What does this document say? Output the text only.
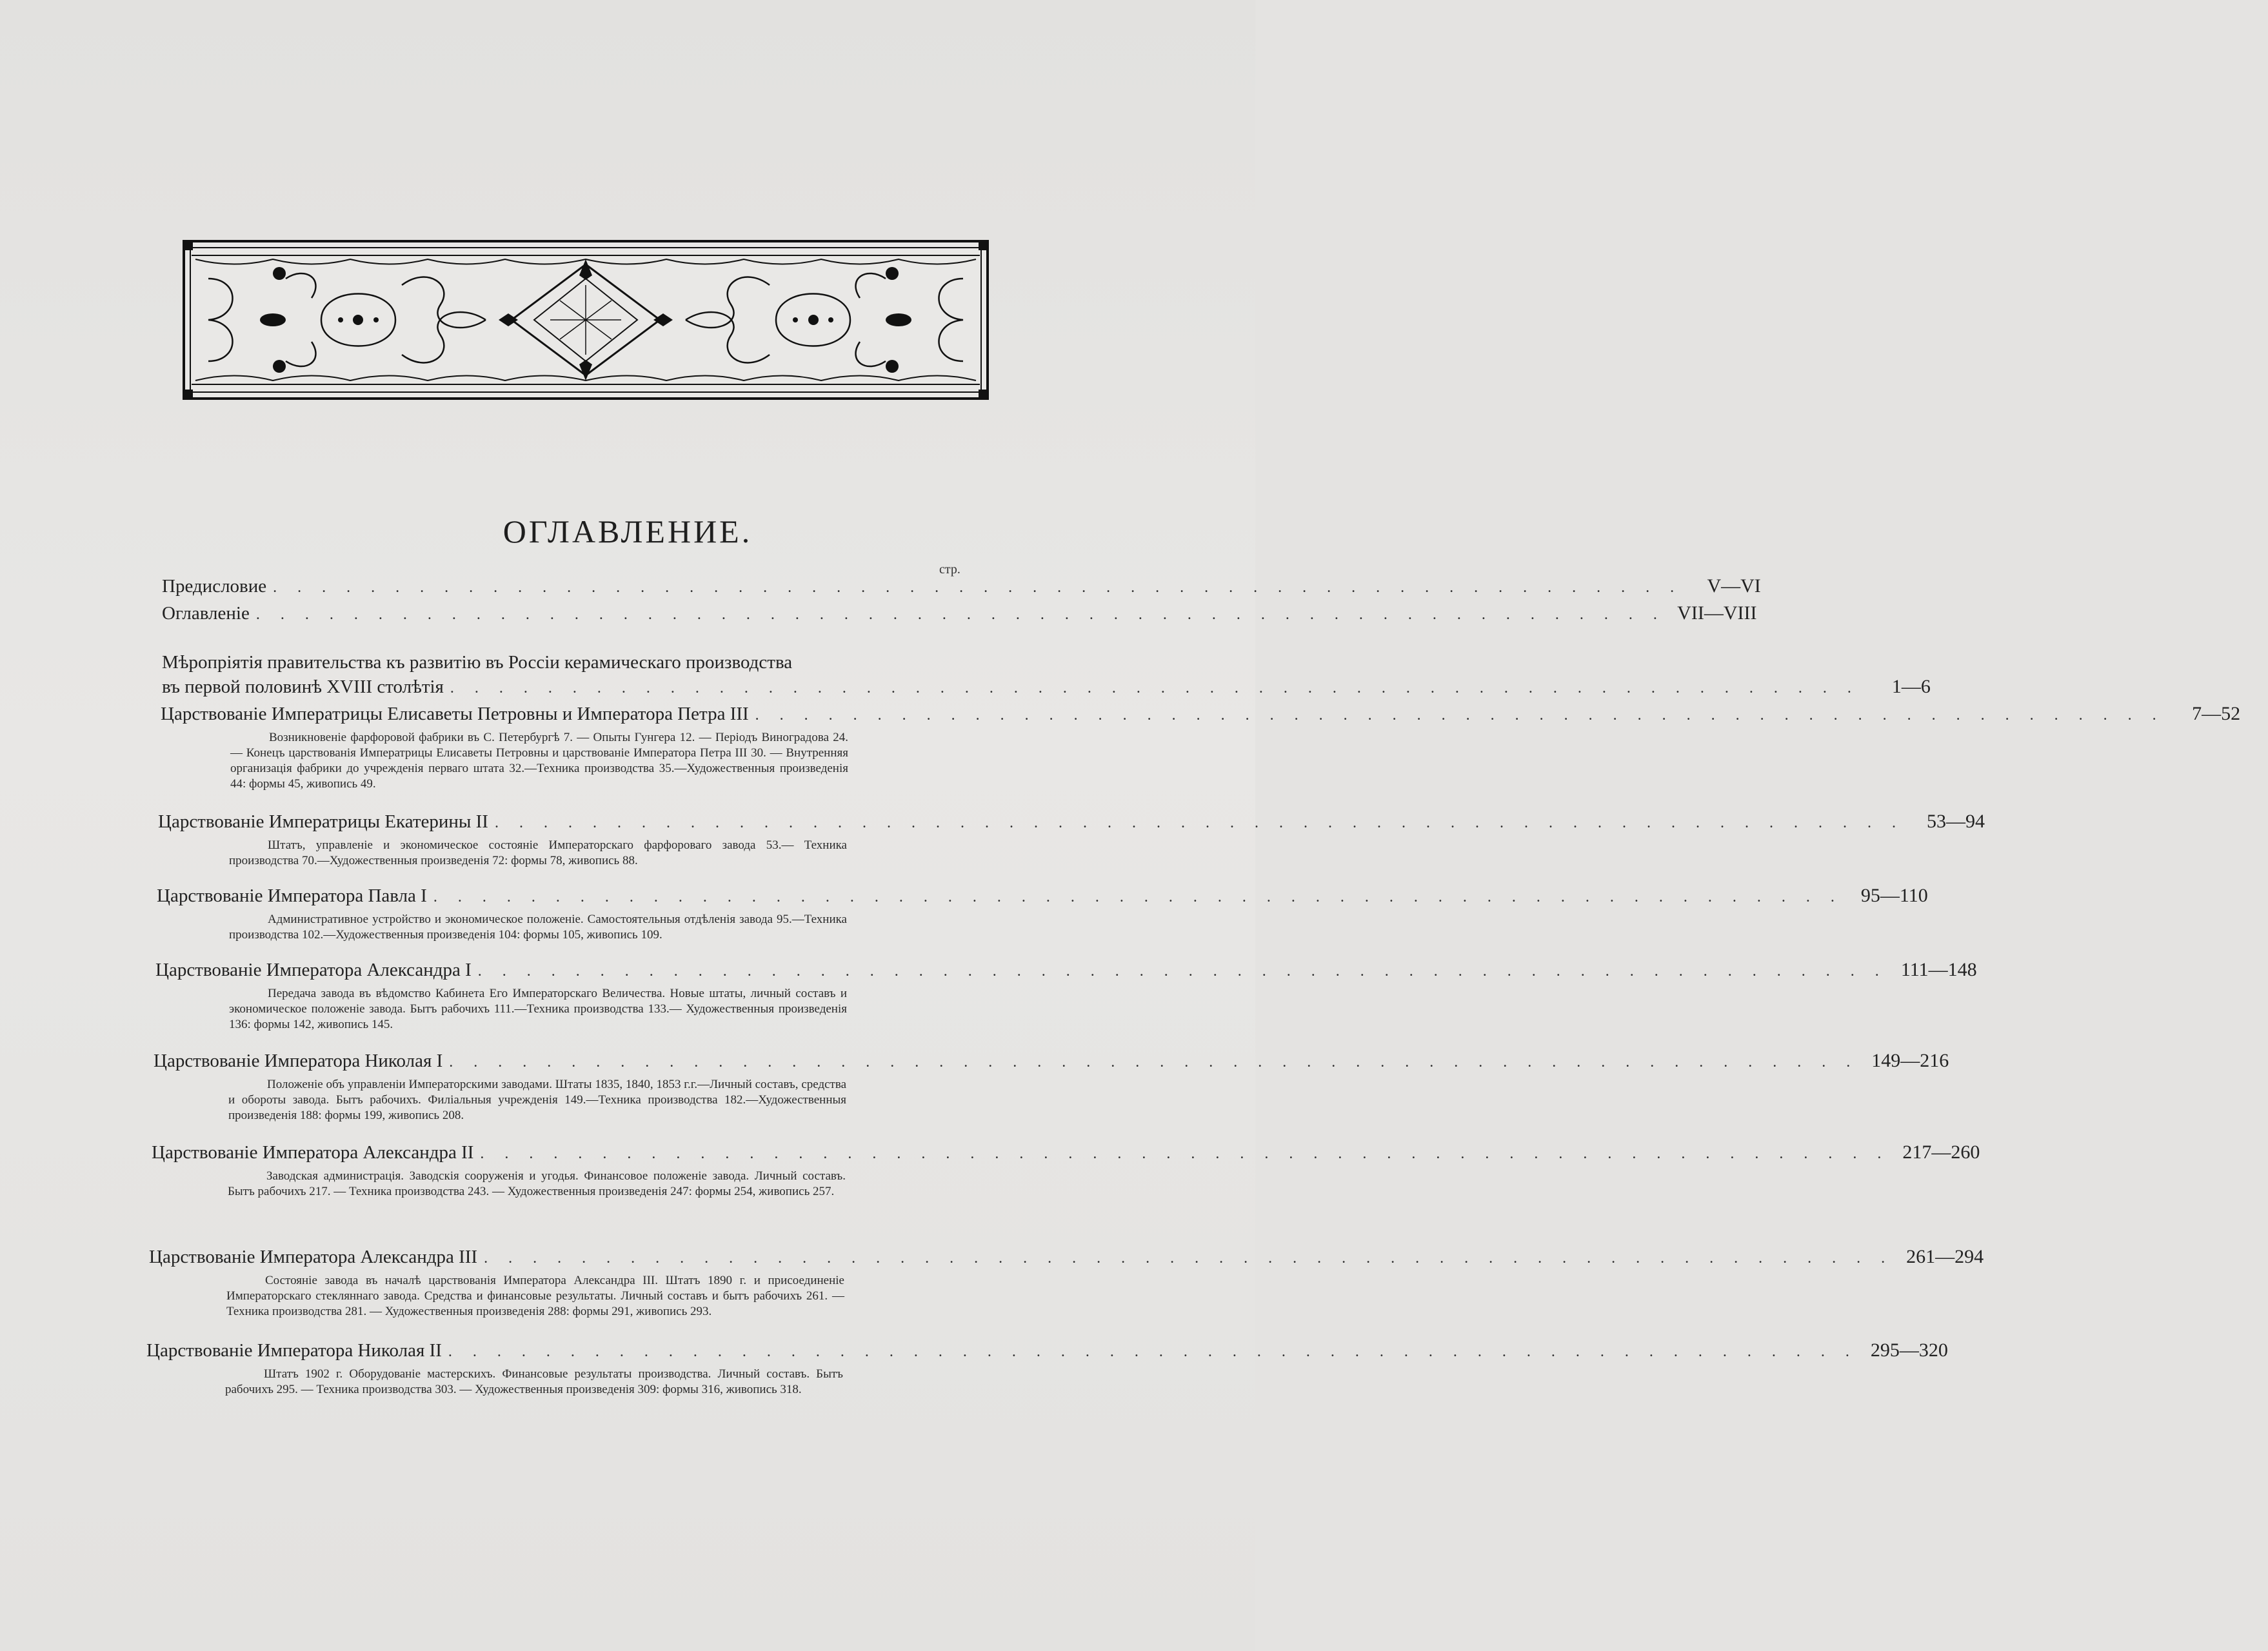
ОГЛАВЛЕНИЕ.
стр.
Предисловие . . . . . . . . . . . . . . . . . . . . . . . . . . . . . . . . . . . . . . . . . . . . . . . . . . . . . . . . . .	V—VI
Оглавленіе . . . . . . . . . . . . . . . . . . . . . . . . . . . . . . . . . . . . . . . . . . . . . . . . . . . . . . . . . . VII—VIII
Мѣропріятія правительства къ развитію въ Россіи керамическаго производства
въ первой половинѣ XVIII столѣтія . . . . . . . . . . . . . . . . . . . . . . . . . . . . . . . . . . . . . . . . . . . . . . . . . . . . . . . . . .	1—6
Царствованіе Императрицы Елисаветы Петровны и Императора Петра III . . . . . . . . . . . . . . . . . . . . . . . . . . . . . . . . . . . . . . . . . . . . . . . . . . . . . . . . . .	7—52
Возникновеніе фарфоровой фабрики въ С. Петербургѣ 7. — Опыты Гунгера 12. — Періодъ Виноградова 24. — Конецъ царствованія Императрицы Елисаветы Петровны и царствованіе Императора Петра III 30. — Внутренняя организація фабрики до учрежденія перваго штата 32.—Техника производства 35.—Художественныя произведенія 44: формы 45, живопись 49.
Царствованіе Императрицы Екатерины II . . . . . . . . . . . . . . . . . . . . . . . . . . . . . . . . . . . . . . . . . . . . . . . . . . . . . . . . . .	53—94
Штатъ, управленіе и экономическое состояніе Императорскаго фарфороваго завода 53.— Техника производства 70.—Художественныя произведенія 72: формы 78, живопись 88.
Царствованіе Императора Павла I . . . . . . . . . . . . . . . . . . . . . . . . . . . . . . . . . . . . . . . . . . . . . . . . . . . . . . . . . . 95—110
Административное устройство и экономическое положеніе. Самостоятельныя отдѣленія завода 95.—Техника производства 102.—Художественныя произведенія 104: формы 105, живопись 109.
Царствованіе Императора Александра I . . . . . . . . . . . . . . . . . . . . . . . . . . . . . . . . . . . . . . . . . . . . . . . . . . . . . . . . . . 111—148
Передача завода въ вѣдомство Кабинета Его Императорскаго Величества. Новые штаты, личный составъ и экономическое положеніе завода. Бытъ рабочихъ 111.—Техника производства 133.— Художественныя произведенія 136: формы 142, живопись 145.
Царствованіе Императора Николая I . . . . . . . . . . . . . . . . . . . . . . . . . . . . . . . . . . . . . . . . . . . . . . . . . . . . . . . . . . 149—216
Положеніе объ управленіи Императорскими заводами. Штаты 1835, 1840, 1853 г.г.—Личный составъ, средства и обороты завода. Бытъ рабочихъ. Филіальныя учрежденія 149.—Техника производства 182.—Художественныя произведенія 188: формы 199, живопись 208.
Царствованіе Императора Александра II . . . . . . . . . . . . . . . . . . . . . . . . . . . . . . . . . . . . . . . . . . . . . . . . . . . . . . . . . . 217—260
Заводская администрація. Заводскія сооруженія и угодья. Финансовое положеніе завода. Личный составъ. Бытъ рабочихъ 217. — Техника производства 243. — Художественныя произведенія 247: формы 254, живопись 257.
Царствованіе Императора Александра III . . . . . . . . . . . . . . . . . . . . . . . . . . . . . . . . . . . . . . . . . . . . . . . . . . . . . . . . . . 261—294
Состояніе завода въ началѣ царствованія Императора Александра III. Штатъ 1890 г. и присоединеніе Императорскаго стекляннаго завода. Средства и финансовые результаты. Личный составъ и бытъ рабочихъ 261. — Техника производства 281. — Художественныя произведенія 288: формы 291, живопись 293.
Царствованіе Императора Николая II . . . . . . . . . . . . . . . . . . . . . . . . . . . . . . . . . . . . . . . . . . . . . . . . . . . . . . . . . . 295—320
Штатъ 1902 г. Оборудованіе мастерскихъ. Финансовые результаты производства. Личный составъ. Бытъ рабочихъ 295. — Техника производства 303. — Художественныя произведенія 309: формы 316, живопись 318.
